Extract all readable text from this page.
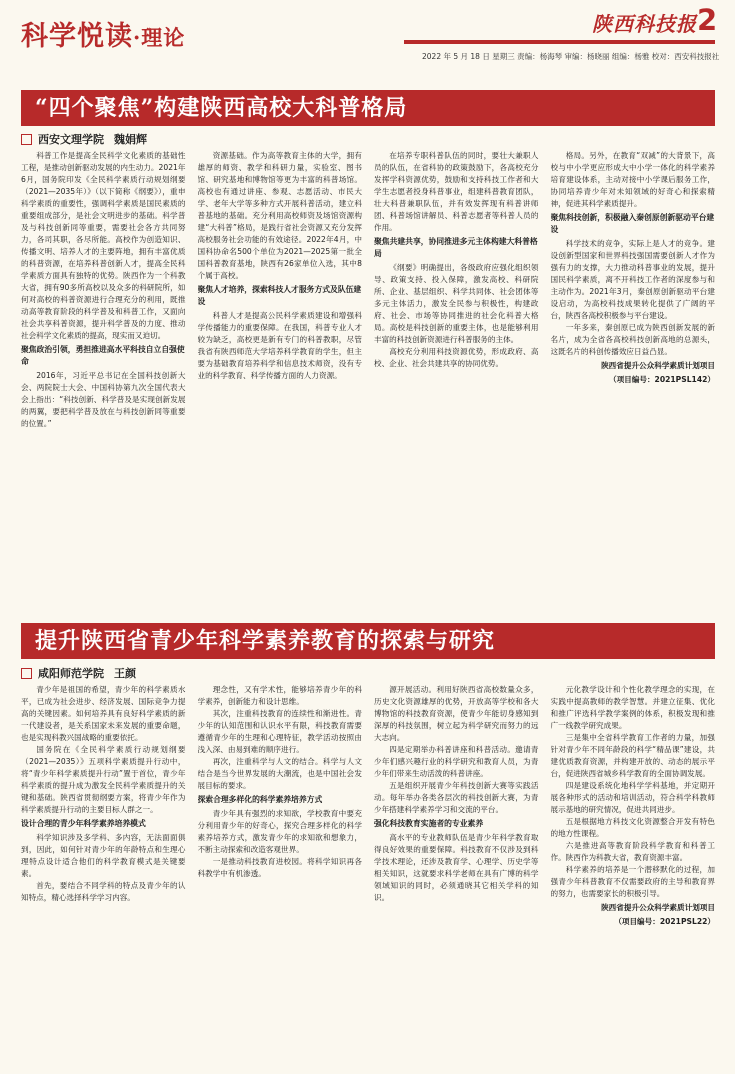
科学悦读·理论
陕西科技报 2
2022 年 5 月 18 日 星期三 责编：杨海琴 审编：杨晓丽 组编：杨雅 校对：西安科技报社
“四个聚焦”构建陕西高校大科普格局
西安文理学院 魏娟辉

科普工作是提高全民科学文化素质的基础性工程，是推动创新驱动发展的内生动力。2021年6月，国务院印发《全民科学素质行动规划纲要（2021—2035年）》（以下简称《纲要》），重申科学素质的重要性，强调科学素质是国民素质的重要组成部分，是社会文明进步的基础。科学普及与科技创新同等重要，需要社会各方共同努力，各司其职，各尽所能。高校作为创造知识、传播文明、培养人才的主要阵地，拥有丰富优质的科普资源，在培养科普创新人才，提高全民科学素质方面具有独特的优势。陕西作为一个科教大省，拥有90多所高校以及众多的科研院所，如何对高校的科普资源进行合理充分的利用，既推动高等教育阶段的科学普及和科普工作，又面向社会共享科普资源，提升科学普及的力度、推动社会科学文化素质的提高，现实而又迫切。

聚焦政治引领，勇担推进高水平科技自立自强使命

2016年，习近平总书记在全国科技创新大会、两院院士大会、中国科协第九次全国代表大会上指出：“科技创新、科学普及是实现创新发展的两翼，要把科学普及放在与科技创新同等重要的位置。”

资源基础。作为高等教育主体的大学，拥有雄厚的师资、教学和科研力量，实验室、图书馆、研究基地和博物馆等更为丰富的科普场馆。高校也有通过讲座、参观、志愿活动、市民大学、老年大学等多种方式开展科普活动，建立科普基地的基础。充分利用高校师资及场馆资源构建“大科普”格局，是践行省社会资源又充分发挥高校服务社会功能的有效途径。2022年4月，中国科协命名500个单位为2021—2025第一批全国科普教育基地，陕西有26家单位入选，其中8个属于高校。

聚焦人才培养，探索科技人才服务方式及队伍建设

科普人才是提高公民科学素质建设和增强科学传播能力的重要保障。在我国，科普专业人才较为缺乏，高校更是新有专门的科普教职，尽管我省有陕西师范大学培养科学教育的学生，但主要为基础教育培养科学和信息技术师资，没有专业的科学教育、科学传播方面的人力资源。

在培养专职科普队伍的同时，要壮大兼职人员的队伍，在省科协的政策鼓励下，各高校充分发挥学科资源优势，鼓励和支持科技工作者和大学生志愿者投身科普事业，组建科普教育团队，壮大科普兼职队伍，并有效发挥现有科普讲师团、科普场馆讲解员、科普志愿者等科普人员的作用。

聚焦共建共享，协同推进多元主体构建大科普格局

《纲要》明确提出，各级政府应强化组织领导、政策支持、投入保障，激发高校、科研院所、企业、基层组织、科学共同体、社会团体等多元主体活力，激发全民参与积极性，构建政府、社会、市场等协同推进的社会化科普大格局。高校是科技创新的重要主体，也是能够利用丰富的科技创新资源进行科普服务的主体。

高校充分利用科技资源优势，形成政府、高校、企业、社会共建共享的协同优势。

格局。另外，在教育“双减”的大背景下，高校与中小学更应形成大中小学一体化的科学素养培育建设体系，主动对接中小学课后服务工作，协同培养青少年对未知领域的好奇心和探索精神，促进其科学素质提升。

聚焦科技创新，积极融入秦创原创新驱动平台建设

科学技术的竞争，实际上是人才的竞争。建设创新型国家和世界科技强国需要创新人才作为强有力的支撑，大力推动科普事业的发展，提升国民科学素质，离不开科技工作者的深度参与和主动作为。2021年3月，秦创原创新驱动平台建设启动，为高校科技成果转化提供了广阔的平台，陕西各高校积极参与平台建设。

一年多来，秦创原已成为陕西创新发展的新名片，成为全省各高校科技创新高地的总源头，这既名片的科创传播效应日益凸显。

陕西省提升公众科学素质计划项目
（项目编号：2021PSL142）
提升陕西省青少年科学素养教育的探索与研究
咸阳师范学院 王颜

青少年是祖国的希望，青少年的科学素质水平，已成为社会进步、经济发展、国际竞争力提高的关键因素。如何培养具有良好科学素质的新一代建设者，是关系国家未来发展的重要命题，也是实现科教兴国战略的重要依托。

国务院在《全民科学素质行动规划纲要（2021—2035）》五项科学素质提升行动中，将“青少年科学素质提升行动”置于首位，青少年科学素质的提升成为激发全民科学素质提升的关键和基础。陕西省贯彻纲要方案，将青少年作为科学素质提升行动的主要目标人群之一。

设计合理的青少年科学素养培养模式

科学知识涉及多学科、多内容，无法面面俱到，因此，如何针对青少年的年龄特点和生理心理特点设计适合他们的科学教育模式是关键要素。

首先，要结合不同学科的特点及青少年的认知特点，精心选择科学学习内容。

理念性，又有学术性，能够培养青少年的科学素养，创新能力和设计思维。

其次，注重科技教育的连续性和渐进性。青少年的认知范围和认识水平有限，科技教育需要遵循青少年的生理和心理特征，教学活动按照由浅入深、由易到难的顺序进行。

再次，注重科学与人文的结合。科学与人文结合是当今世界发展的大潮流，也是中国社会发展目标的要求。

探索合理多样化的科学素养培养方式

青少年具有强烈的求知欲，学校教育中要充分利用青少年的好奇心，探究合理多样化的科学素养培养方式，激发青少年的求知欲和想象力，不断主动探索和改造客观世界。

一是推动科技教育进校园。将科学知识再各科教学中有机渗透。

源开展活动。利用好陕西省高校数量众多，历史文化资源雄厚的优势，开放高等学校和各大博物馆的科技教育资源，使青少年能切身感知到深厚的科技氛围，树立起为科学研究而努力的远大志向。

四是定期举办科普讲座和科普活动。邀请青少年们感兴趣行业的科学研究和教育人员，为青少年们带来生动活泼的科普讲座。

五是组织开展青少年科技创新大赛等实践活动。每年举办各类各层次的科技创新大赛，为青少年搭建科学素养学习和交流的平台。

强化科技教育实施者的专业素养

高水平的专业教师队伍是青少年科学教育取得良好效果的重要保障。科技教育不仅涉及到科学技术理论，还涉及教育学、心理学、历史学等相关知识，这就要求科学老师在具有广博的科学领域知识的同时，必须通晓其它相关学科的知识。

元化教学设计和个性化教学理念的实现，在实践中提高教师的教学智慧。并建立征集、优化和推广评选科学教学案例的体系，积极发现和推广一线教学研究成果。

三是集中全省科学教育工作者的力量，加强针对青少年不同年龄段的科学“精品课”建设，共建优质教育资源，并构建开放的、动态的展示平台，促进陕西省城乡科学教育的全面协调发展。

四是建设系统化地科学学科基地，并定期开展各种形式的活动和培训活动，符合科学科教师展示基地的研究情况，促进共同进步。

五是根据地方科技文化资源整合开发有特色的地方性课程。

六是推进高等教育阶段科学教育和科普工作。陕西作为科教大省，教育资源丰富。

科学素养的培养是一个潜移默化的过程，加强青少年科普教育不仅需要政府的主导和教育界的努力，也需要家长的积极引导。

陕西省提升公众科学素质计划项目
（项目编号：2021PSL22）
